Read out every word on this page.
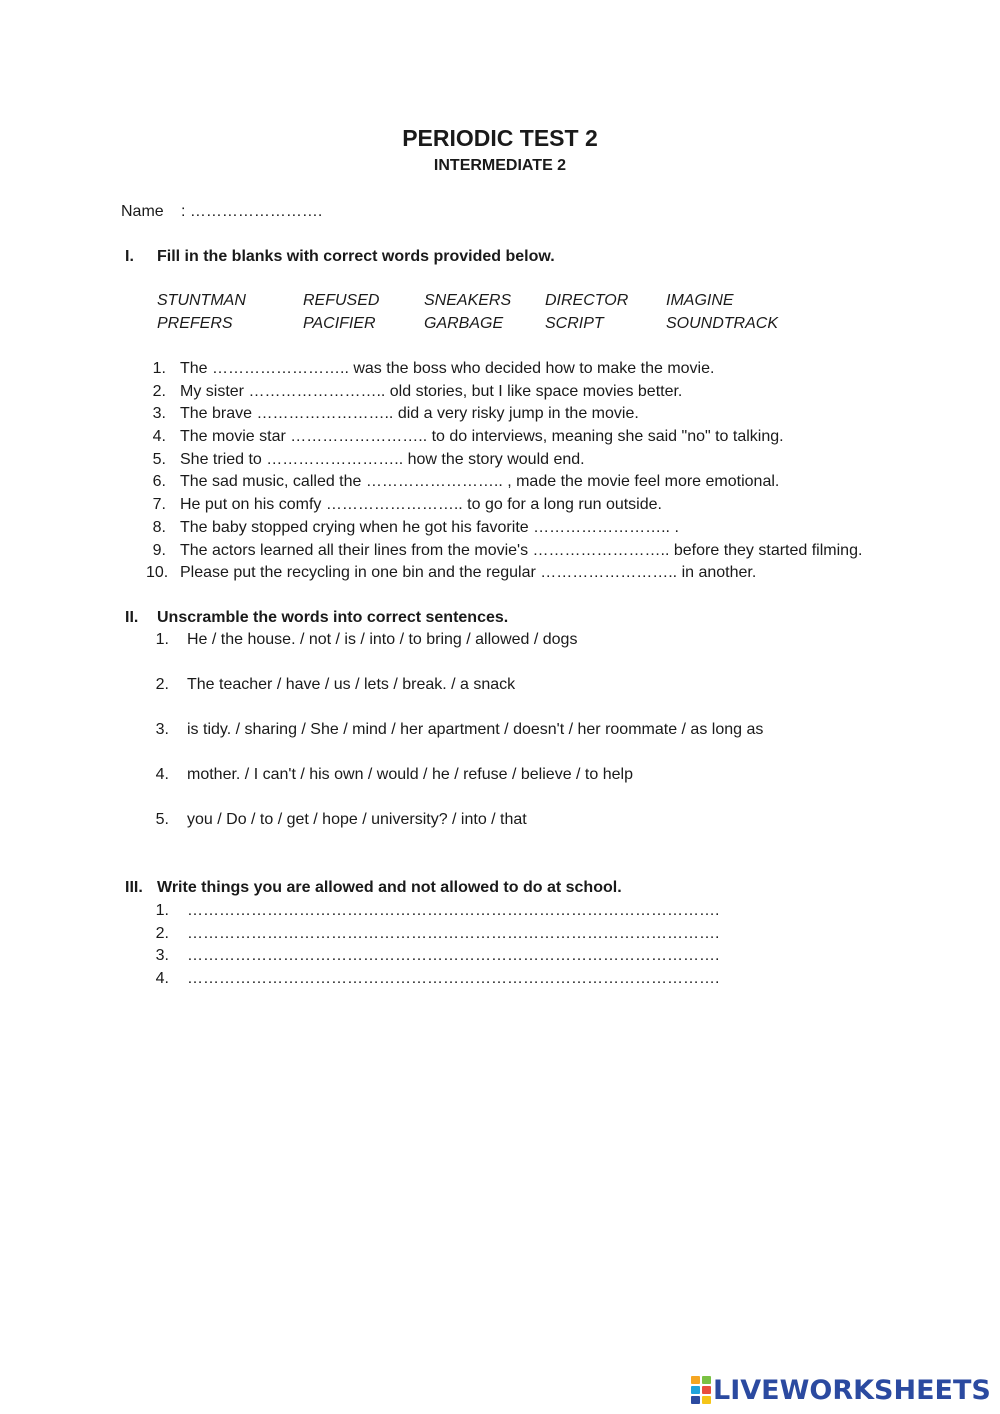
PERIODIC TEST 2
INTERMEDIATE 2
Name : …………………….
I. Fill in the blanks with correct words provided below.
STUNTMAN	REFUSED	SNEAKERS DIRECTOR IMAGINE
PREFERS	PACIFIER	GARBAGE	SCRIPT	SOUNDTRACK
1. The …………………….. was the boss who decided how to make the movie.
2. My sister …………………….. old stories, but I like space movies better.
3. The brave …………………….. did a very risky jump in the movie.
4. The movie star …………………….. to do interviews, meaning she said "no" to talking.
5. She tried to …………………….. how the story would end.
6. The sad music, called the …………………….. , made the movie feel more emotional.
7. He put on his comfy …………………….. to go for a long run outside.
8. The baby stopped crying when he got his favorite …………………….. .
9. The actors learned all their lines from the movie's …………………….. before they started filming.
10. Please put the recycling in one bin and the regular …………………….. in another.
II. Unscramble the words into correct sentences.
1. He / the house. / not / is / into / to bring / allowed / dogs
2. The teacher / have / us / lets / break. / a snack
3. is tidy. / sharing / She / mind / her apartment / doesn't / her roommate / as long as
4. mother. / I can't / his own / would / he / refuse / believe / to help
5. you / Do / to / get / hope / university? / into / that
III. Write things you are allowed and not allowed to do at school.
1. ……………………………………………………………………………………….
2. ……………………………………………………………………………………….
3. ……………………………………………………………………………………….
4. ……………………………………………………………………………………….
LIVEWORKSHEETS
